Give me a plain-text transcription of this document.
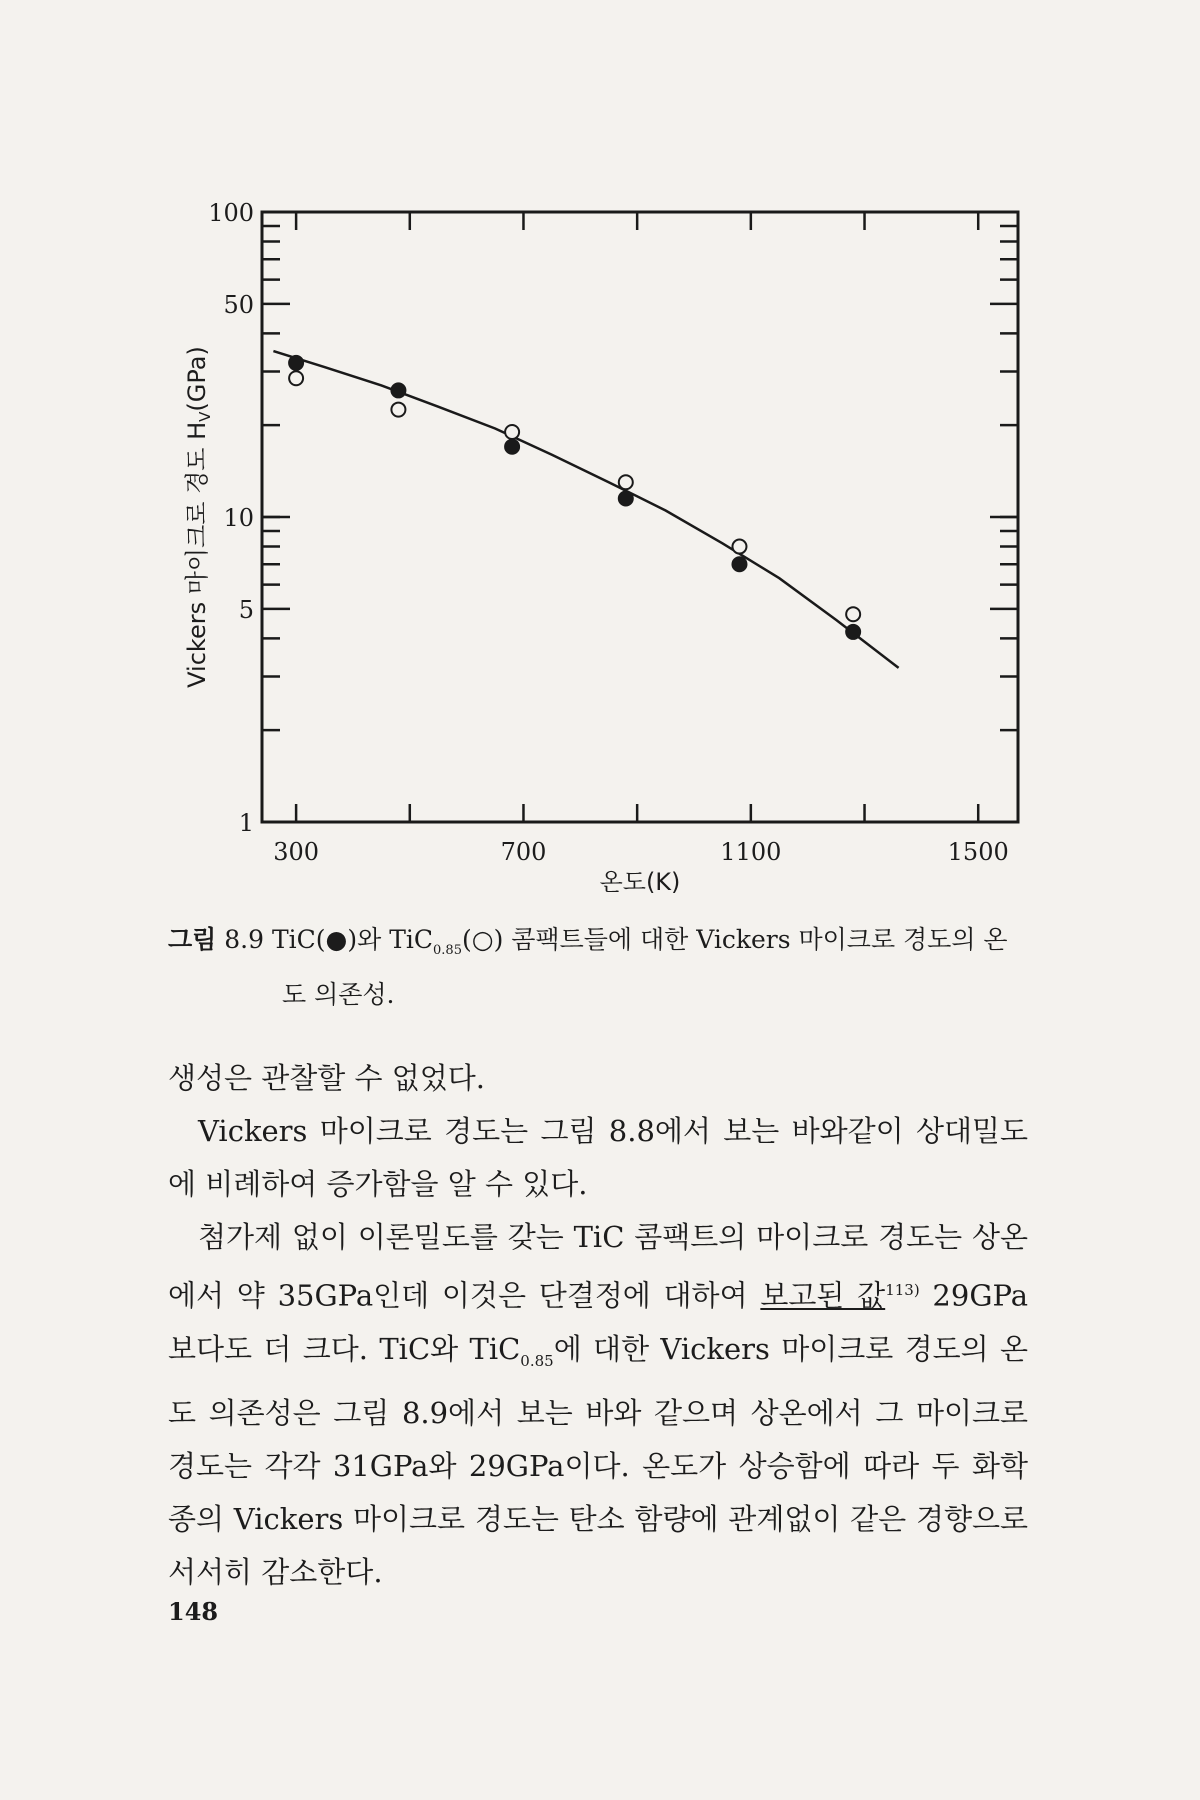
1
5
10
50
100
300	700	1100	1500
온도(K)
Vickers 마이크로 경도 $H_V(GPa)$
그림 8.9 TiC(●)와 TiC$_{0.85}$(○) 콤팩트들에 대한 Vickers 마이크로 경도의 온
도 의존성.

생성은 관찰할 수 없었다.

Vickers 마이크로 경도는 그림 8.8에서 보는 바와같이 상대밀도에 비례하여 증가함을 알 수 있다.

첨가제 없이 이론밀도를 갖는 TiC 콤팩트의 마이크로 경도는 상온에서 약 35GPa인데 이것은 단결정에 대하여 보고된 값$^{113)}$ 29GPa 보다도 더 크다. TiC와 TiC$_{0.85}$에 대한 Vickers 마이크로 경도의 온도 의존성은 그림 8.9에서 보는 바와 같으며 상온에서 그 마이크로 경도는 각각 31GPa와 29GPa이다. 온도가 상승함에 따라 두 화학종의 Vickers 마이크로 경도는 탄소 함량에 관계없이 같은 경향으로 서서히 감소한다.

148
